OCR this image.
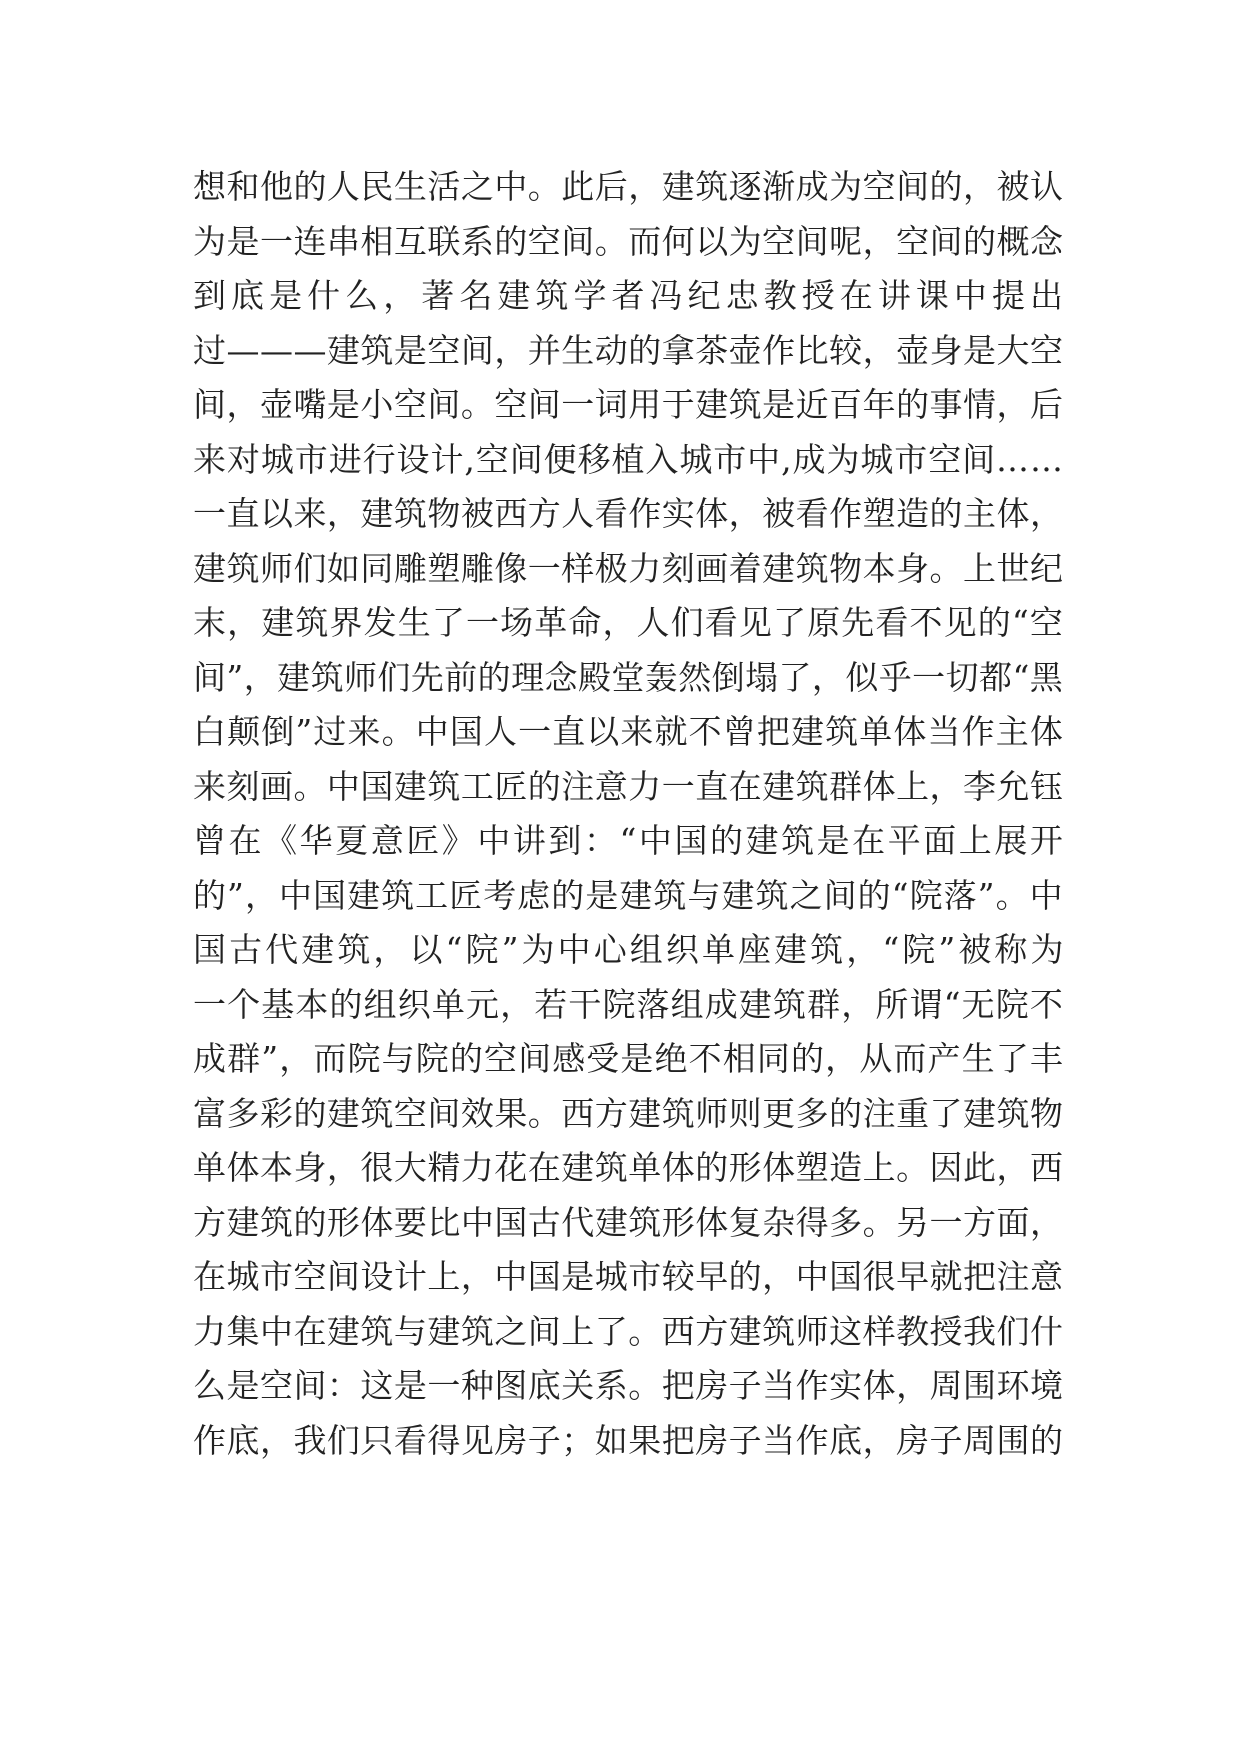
想和他的人民生活之中。此后，建筑逐渐成为空间的，被认
为是一连串相互联系的空间。而何以为空间呢，空间的概念
到底是什么，著名建筑学者冯纪忠教授在讲课中提出
过———建筑是空间，并生动的拿茶壶作比较，壶身是大空
间，壶嘴是小空间。空间一词用于建筑是近百年的事情，后
来对城市进行设计,空间便移植入城市中,成为城市空间……
一直以来，建筑物被西方人看作实体，被看作塑造的主体，
建筑师们如同雕塑雕像一样极力刻画着建筑物本身。上世纪
末，建筑界发生了一场革命，人们看见了原先看不见的“空
间”，建筑师们先前的理念殿堂轰然倒塌了，似乎一切都“黑
白颠倒”过来。中国人一直以来就不曾把建筑单体当作主体
来刻画。中国建筑工匠的注意力一直在建筑群体上，李允钰
曾在《华夏意匠》中讲到：“中国的建筑是在平面上展开
的”，中国建筑工匠考虑的是建筑与建筑之间的“院落”。中
国古代建筑，以“院”为中心组织单座建筑，“院”被称为
一个基本的组织单元，若干院落组成建筑群，所谓“无院不
成群”，而院与院的空间感受是绝不相同的，从而产生了丰
富多彩的建筑空间效果。西方建筑师则更多的注重了建筑物
单体本身，很大精力花在建筑单体的形体塑造上。因此，西
方建筑的形体要比中国古代建筑形体复杂得多。另一方面，
在城市空间设计上，中国是城市较早的，中国很早就把注意
力集中在建筑与建筑之间上了。西方建筑师这样教授我们什
么是空间：这是一种图底关系。把房子当作实体，周围环境
作底，我们只看得见房子；如果把房子当作底，房子周围的
